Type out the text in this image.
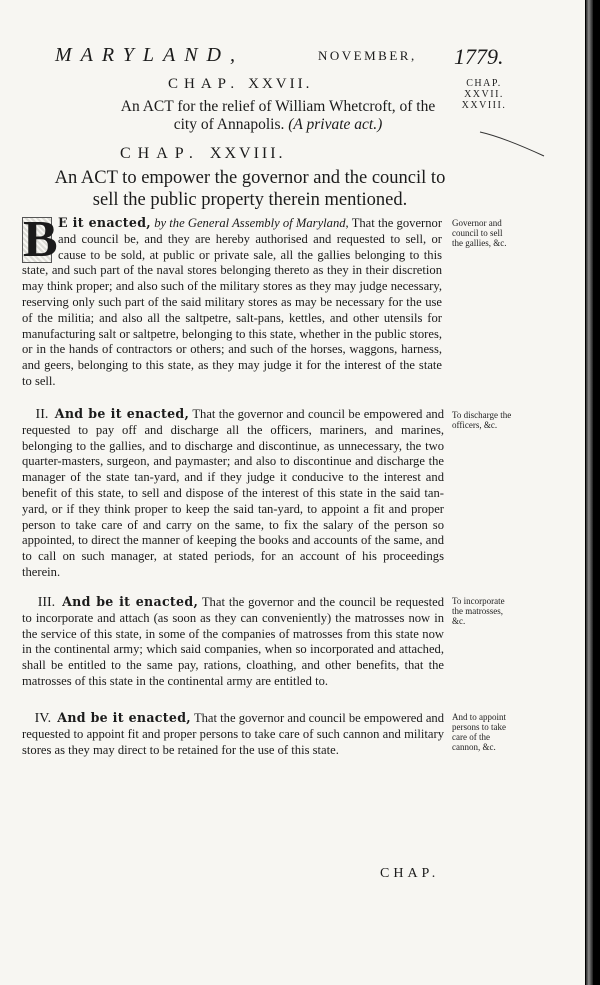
MARYLAND,	NOVEMBER, 1779.
CHAP. XXVII.
An ACT for the relief of William Whetcroft, of the city of Annapolis. (A private act.)
CHAP.
XXVII.
XXVIII.
CHAP. XXVIII.
An ACT to empower the governor and the council to sell the public property therein mentioned.
B E it enacted, by the General Assembly of Maryland, That the governor and council be, and they are hereby authorised and requested to sell, or cause to be sold, at public or private sale, all the gallies belonging to this state, and such part of the naval stores belonging thereto as they in their discretion may think proper; and also such of the military stores as they may judge necessary, reserving only such part of the said military stores as may be necessary for the use of the militia; and also all the saltpetre, salt-pans, kettles, and other utensils for manufacturing salt or saltpetre, belonging to this state, whether in the public stores, or in the hands of contractors or others; and such of the horses, waggons, harness, and geers, belonging to this state, as they may judge it for the interest of the state to sell.
Governor and council to sell the gallies, &c.
II. And be it enacted, That the governor and council be empowered and requested to pay off and discharge all the officers, mariners, and marines, belonging to the gallies, and to discharge and discontinue, as unnecessary, the two quarter-masters, surgeon, and paymaster; and also to discontinue and discharge the manager of the state tan-yard, and if they judge it conducive to the interest and benefit of this state, to sell and dispose of the interest of this state in the said tan-yard, or if they think proper to keep the said tan-yard, to appoint a fit and proper person to take care of and carry on the same, to fix the salary of the person so appointed, to direct the manner of keeping the books and accounts of the same, and to call on such manager, at stated periods, for an account of his proceedings therein.
To discharge the officers, &c.
III. And be it enacted, That the governor and the council be requested to incorporate and attach (as soon as they can conveniently) the matrosses now in the service of this state, in some of the companies of matrosses from this state now in the continental army; which said companies, when so incorporated and attached, shall be entitled to the same pay, rations, cloathing, and other benefits, that the matrosses of this state in the continental army are entitled to.
To incorporate the matrosses, &c.
IV. And be it enacted, That the governor and council be empowered and requested to appoint fit and proper persons to take care of such cannon and military stores as they may direct to be retained for the use of this state.
And to appoint persons to take care of the cannon, &c.
CHAP.
